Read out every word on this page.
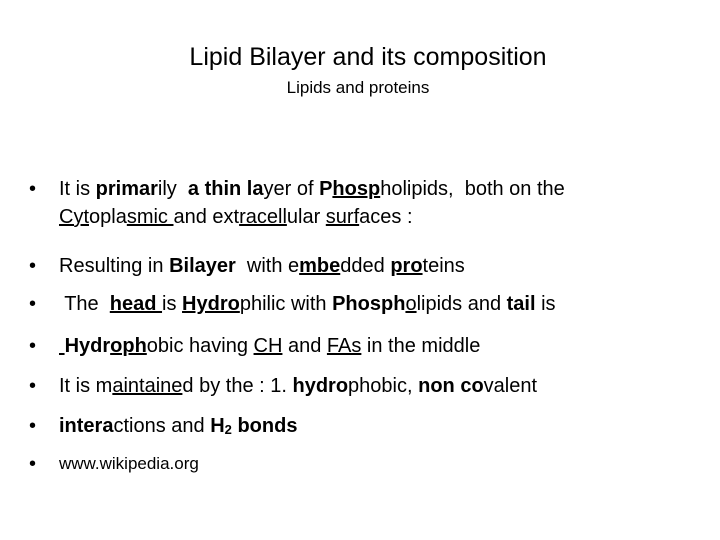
Lipid Bilayer and its composition
Lipids and proteins
•	It is primarily  a thin layer of Phospholipids,  both on the
Cytoplasmic and extracellular surfaces :
•	Resulting in Bilayer  with embedded proteins
•	The  head is Hydrophilic with Phospholipids and tail is
•	Hydrophobic having CH and FAs in the middle
•	It is maintained by the : 1. hydrophobic, non covalent
•	interactions and $H_2$ bonds
•	www.wikipedia.org
